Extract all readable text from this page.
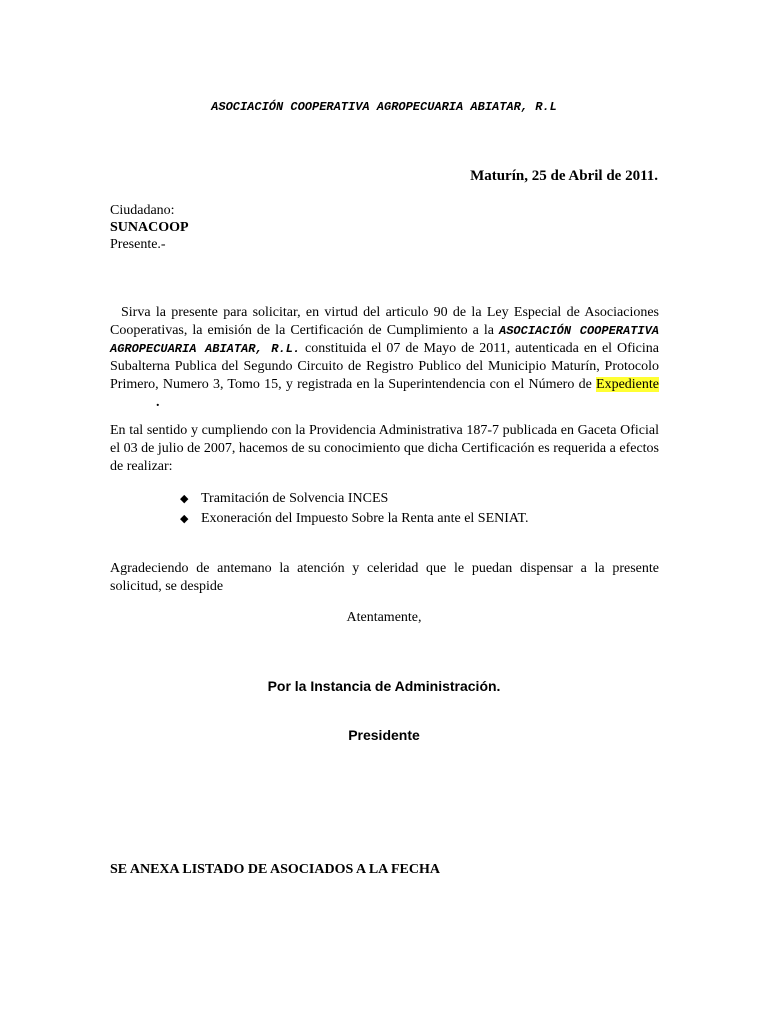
ASOCIACIÓN COOPERATIVA AGROPECUARIA ABIATAR, R.L
Maturín, 25 de Abril de 2011.
Ciudadano:
SUNACOOP
Presente.-
Sirva la presente para solicitar, en virtud del articulo 90 de la Ley Especial de Asociaciones Cooperativas, la emisión de la Certificación de Cumplimiento a la ASOCIACIÓN COOPERATIVA AGROPECUARIA ABIATAR, R.L. constituida el 07 de Mayo de 2011, autenticada en el Oficina Subalterna Publica del Segundo Circuito de Registro Publico del Municipio Maturín, Protocolo Primero, Numero 3, Tomo 15, y registrada en la Superintendencia con el Número de Expediente.
En tal sentido y cumpliendo con la Providencia Administrativa 187-7 publicada en Gaceta Oficial el 03 de julio de 2007, hacemos de su conocimiento que dicha Certificación es requerida a efectos de realizar:
◆ Tramitación de Solvencia INCES
◆ Exoneración del Impuesto Sobre la Renta ante el SENIAT.
Agradeciendo de antemano la atención y celeridad que le puedan dispensar a la presente solicitud, se despide
Atentamente,
Por la Instancia de Administración.
Presidente
SE ANEXA LISTADO DE ASOCIADOS A LA FECHA
